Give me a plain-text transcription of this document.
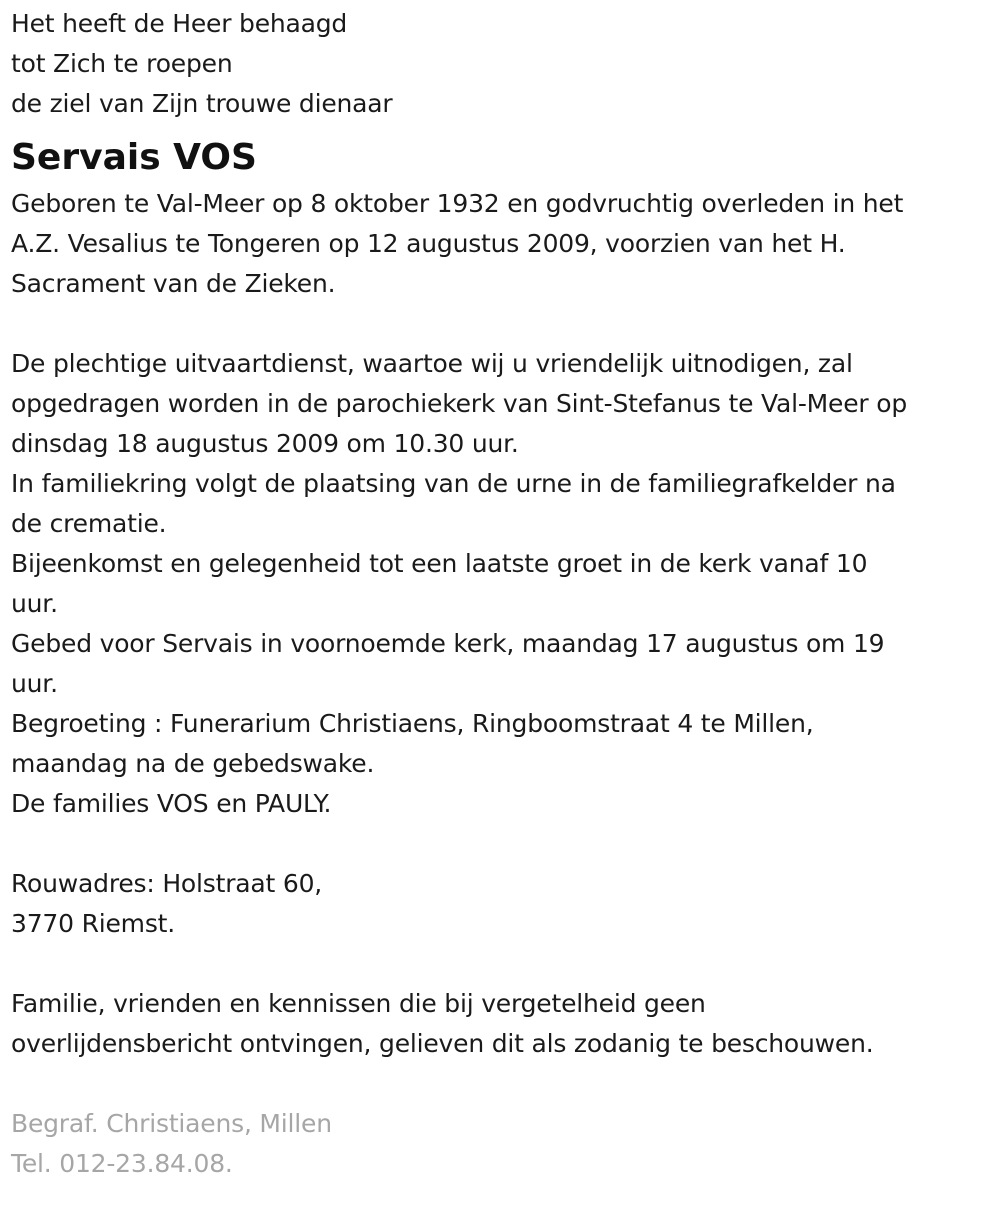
Het heeft de Heer behaagd
tot Zich te roepen
de ziel van Zijn trouwe dienaar
Servais VOS
Geboren te Val-Meer op 8 oktober 1932 en godvruchtig overleden in het
A.Z. Vesalius te Tongeren op 12 augustus 2009, voorzien van het H.
Sacrament van de Zieken.
De plechtige uitvaartdienst, waartoe wij u vriendelijk uitnodigen, zal
opgedragen worden in de parochiekerk van Sint-Stefanus te Val-Meer op
dinsdag 18 augustus 2009 om 10.30 uur.
In familiekring volgt de plaatsing van de urne in de familiegrafkelder na
de crematie.
Bijeenkomst en gelegenheid tot een laatste groet in de kerk vanaf 10
uur.
Gebed voor Servais in voornoemde kerk, maandag 17 augustus om 19
uur.
Begroeting : Funerarium Christiaens, Ringboomstraat 4 te Millen,
maandag na de gebedswake.
De families VOS en PAULY.
Rouwadres: Holstraat 60,
3770 Riemst.
Familie, vrienden en kennissen die bij vergetelheid geen
overlijdensbericht ontvingen, gelieven dit als zodanig te beschouwen.
Begraf. Christiaens, Millen
Tel. 012-23.84.08.
